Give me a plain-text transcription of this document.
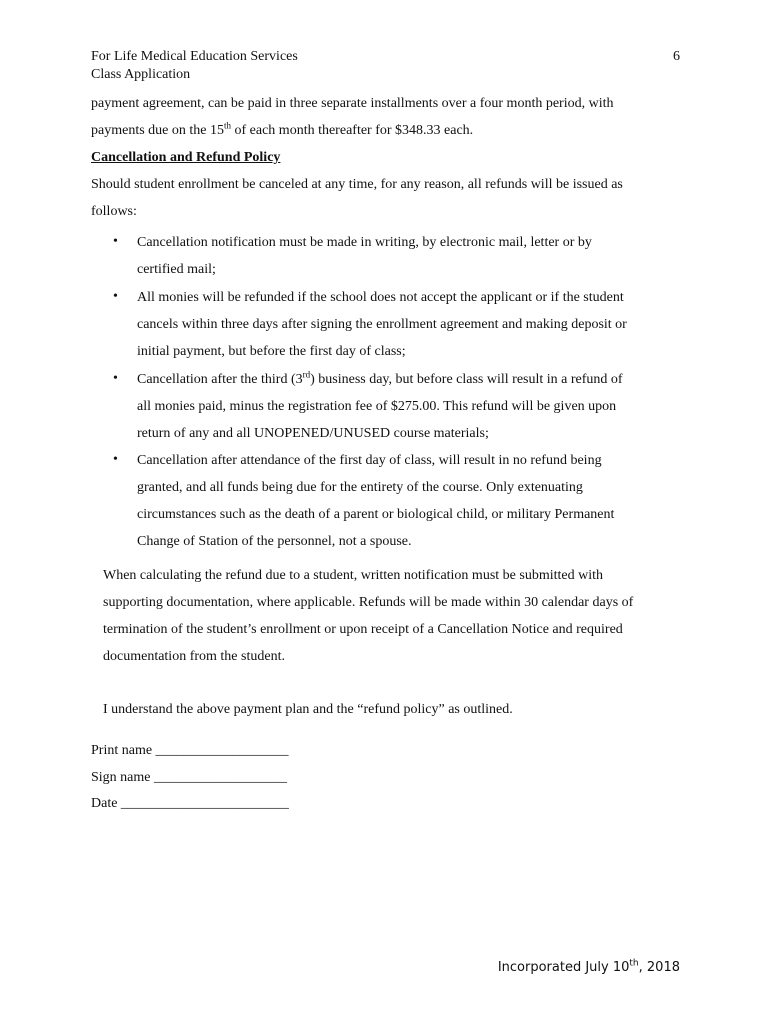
For Life Medical Education Services
Class Application
6
payment agreement, can be paid in three separate installments over a four month period, with
payments due on the 15th of each month thereafter for $348.33 each.
Cancellation and Refund Policy
Should student enrollment be canceled at any time, for any reason, all refunds will be issued as
follows:
• Cancellation notification must be made in writing, by electronic mail, letter or by
certified mail;
• All monies will be refunded if the school does not accept the applicant or if the student
cancels within three days after signing the enrollment agreement and making deposit or
initial payment, but before the first day of class;
• Cancellation after the third (3rd) business day, but before class will result in a refund of
all monies paid, minus the registration fee of $275.00. This refund will be given upon
return of any and all UNOPENED/UNUSED course materials;
• Cancellation after attendance of the first day of class, will result in no refund being
granted, and all funds being due for the entirety of the course. Only extenuating
circumstances such as the death of a parent or biological child, or military Permanent
Change of Station of the personnel, not a spouse.
When calculating the refund due to a student, written notification must be submitted with
supporting documentation, where applicable. Refunds will be made within 30 calendar days of
termination of the student’s enrollment or upon receipt of a Cancellation Notice and required
documentation from the student.
I understand the above payment plan and the “refund policy” as outlined.
Print name ___________________
Sign name ___________________
Date ________________________
Incorporated July 10th, 2018
